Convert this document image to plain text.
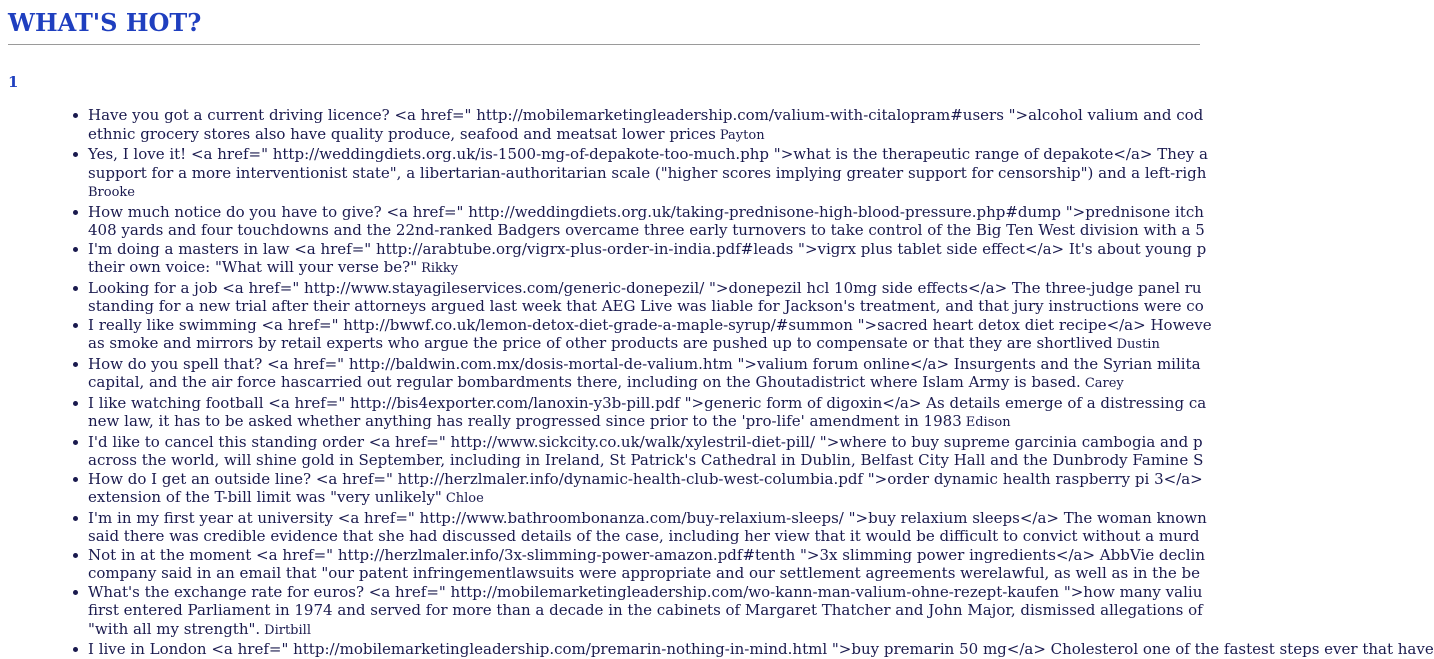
WHAT'S HOT?
1
Have you got a current driving licence? <a href=" http://mobilemarketingleadership.com/valium-with-citalopram#users ">alcohol valium and cod
ethnic grocery stores also have quality produce, seafood and meatsat lower prices Payton
Yes, I love it! <a href=" http://weddingdiets.org.uk/is-1500-mg-of-depakote-too-much.php ">what is the therapeutic range of depakote</a> They a
support for a more interventionist state", a libertarian-authoritarian scale ("higher scores implying greater support for censorship") and a left-righ
Brooke
How much notice do you have to give? <a href=" http://weddingdiets.org.uk/taking-prednisone-high-blood-pressure.php#dump ">prednisone itch
408 yards and four touchdowns and the 22nd-ranked Badgers overcame three early turnovers to take control of the Big Ten West division with a 5
I'm doing a masters in law <a href=" http://arabtube.org/vigrx-plus-order-in-india.pdf#leads ">vigrx plus tablet side effect</a> It's about young p
their own voice: "What will your verse be?" Rikky
Looking for a job <a href=" http://www.stayagileservices.com/generic-donepezil/ ">donepezil hcl 10mg side effects</a> The three-judge panel ru
standing for a new trial after their attorneys argued last week that AEG Live was liable for Jackson's treatment, and that jury instructions were co
I really like swimming <a href=" http://bwwf.co.uk/lemon-detox-diet-grade-a-maple-syrup/#summon ">sacred heart detox diet recipe</a> Howeve
as smoke and mirrors by retail experts who argue the price of other products are pushed up to compensate or that they are shortlived Dustin
How do you spell that? <a href=" http://baldwin.com.mx/dosis-mortal-de-valium.htm ">valium forum online</a> Insurgents and the Syrian milita
capital, and the air force hascarried out regular bombardments there, including on the Ghoutadistrict where Islam Army is based. Carey
I like watching football <a href=" http://bis4exporter.com/lanoxin-y3b-pill.pdf ">generic form of digoxin</a> As details emerge of a distressing ca
new law, it has to be asked whether anything has really progressed since prior to the 'pro-life' amendment in 1983 Edison
I'd like to cancel this standing order <a href=" http://www.sickcity.co.uk/walk/xylestril-diet-pill/ ">where to buy supreme garcinia cambogia and p
across the world, will shine gold in September, including in Ireland, St Patrick's Cathedral in Dublin, Belfast City Hall and the Dunbrody Famine S
How do I get an outside line? <a href=" http://herzlmaler.info/dynamic-health-club-west-columbia.pdf ">order dynamic health raspberry pi 3</a>
extension of the T-bill limit was "very unlikely" Chloe
I'm in my first year at university <a href=" http://www.bathroombonanza.com/buy-relaxium-sleeps/ ">buy relaxium sleeps</a> The woman known
said there was credible evidence that she had discussed details of the case, including her view that it would be difficult to convict without a murd
Not in at the moment <a href=" http://herzlmaler.info/3x-slimming-power-amazon.pdf#tenth ">3x slimming power ingredients</a> AbbVie declin
company said in an email that "our patent infringementlawsuits were appropriate and our settlement agreements werelawful, as well as in the be
What's the exchange rate for euros? <a href=" http://mobilemarketingleadership.com/wo-kann-man-valium-ohne-rezept-kaufen ">how many valiu
first entered Parliament in 1974 and served for more than a decade in the cabinets of Margaret Thatcher and John Major, dismissed allegations of
"with all my strength". Dirtbill
I live in London <a href=" http://mobilemarketingleadership.com/premarin-nothing-in-mind.html ">buy premarin 50 mg</a> Cholesterol one of the fastest steps ever that have
